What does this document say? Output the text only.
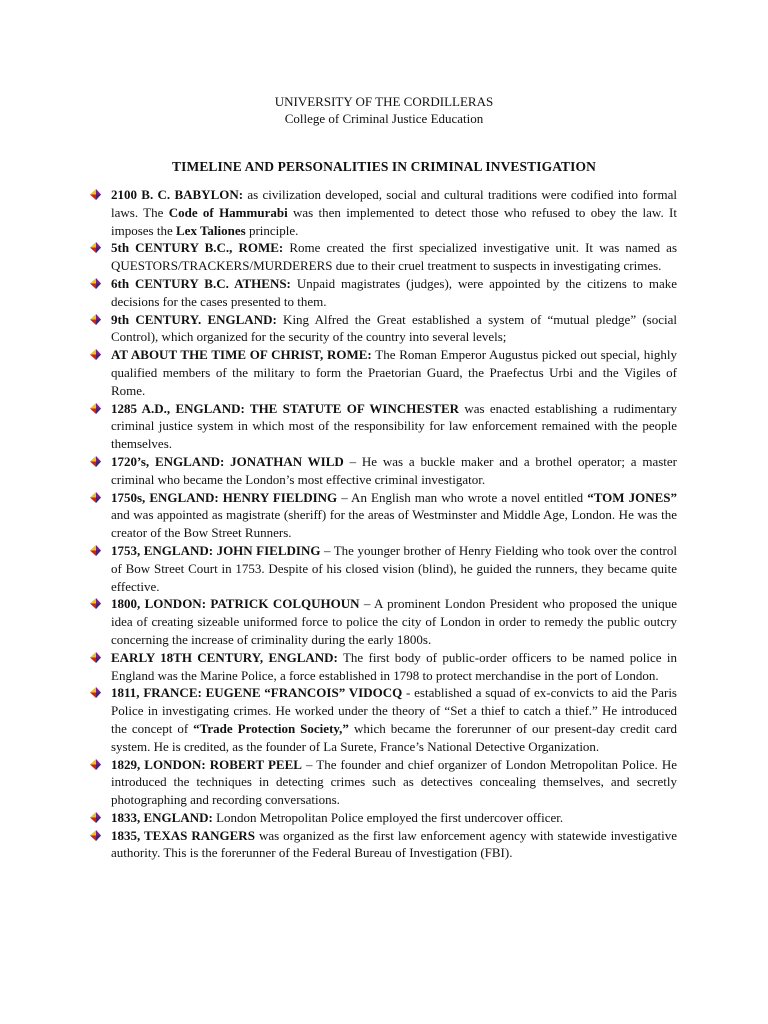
UNIVERSITY OF THE CORDILLERAS
College of Criminal Justice Education
TIMELINE AND PERSONALITIES IN CRIMINAL INVESTIGATION
2100 B. C. BABYLON: as civilization developed, social and cultural traditions were codified into formal laws. The Code of Hammurabi was then implemented to detect those who refused to obey the law. It imposes the Lex Taliones principle.
5th CENTURY B.C., ROME: Rome created the first specialized investigative unit. It was named as QUESTORS/TRACKERS/MURDERERS due to their cruel treatment to suspects in investigating crimes.
6th CENTURY B.C. ATHENS: Unpaid magistrates (judges), were appointed by the citizens to make decisions for the cases presented to them.
9th CENTURY. ENGLAND: King Alfred the Great established a system of “mutual pledge” (social Control), which organized for the security of the country into several levels;
AT ABOUT THE TIME OF CHRIST, ROME: The Roman Emperor Augustus picked out special, highly qualified members of the military to form the Praetorian Guard, the Praefectus Urbi and the Vigiles of Rome.
1285 A.D., ENGLAND: THE STATUTE OF WINCHESTER was enacted establishing a rudimentary criminal justice system in which most of the responsibility for law enforcement remained with the people themselves.
1720’s, ENGLAND: JONATHAN WILD – He was a buckle maker and a brothel operator; a master criminal who became the London’s most effective criminal investigator.
1750s, ENGLAND: HENRY FIELDING – An English man who wrote a novel entitled “TOM JONES” and was appointed as magistrate (sheriff) for the areas of Westminster and Middle Age, London. He was the creator of the Bow Street Runners.
1753, ENGLAND: JOHN FIELDING – The younger brother of Henry Fielding who took over the control of Bow Street Court in 1753. Despite of his closed vision (blind), he guided the runners, they became quite effective.
1800, LONDON: PATRICK COLQUHOUN – A prominent London President who proposed the unique idea of creating sizeable uniformed force to police the city of London in order to remedy the public outcry concerning the increase of criminality during the early 1800s.
EARLY 18TH CENTURY, ENGLAND: The first body of public-order officers to be named police in England was the Marine Police, a force established in 1798 to protect merchandise in the port of London.
1811, FRANCE: EUGENE “FRANCOIS” VIDOCQ - established a squad of ex-convicts to aid the Paris Police in investigating crimes. He worked under the theory of “Set a thief to catch a thief.” He introduced the concept of “Trade Protection Society,” which became the forerunner of our present-day credit card system. He is credited, as the founder of La Surete, France’s National Detective Organization.
1829, LONDON: ROBERT PEEL – The founder and chief organizer of London Metropolitan Police. He introduced the techniques in detecting crimes such as detectives concealing themselves, and secretly photographing and recording conversations.
1833, ENGLAND: London Metropolitan Police employed the first undercover officer.
1835, TEXAS RANGERS was organized as the first law enforcement agency with statewide investigative authority. This is the forerunner of the Federal Bureau of Investigation (FBI).
